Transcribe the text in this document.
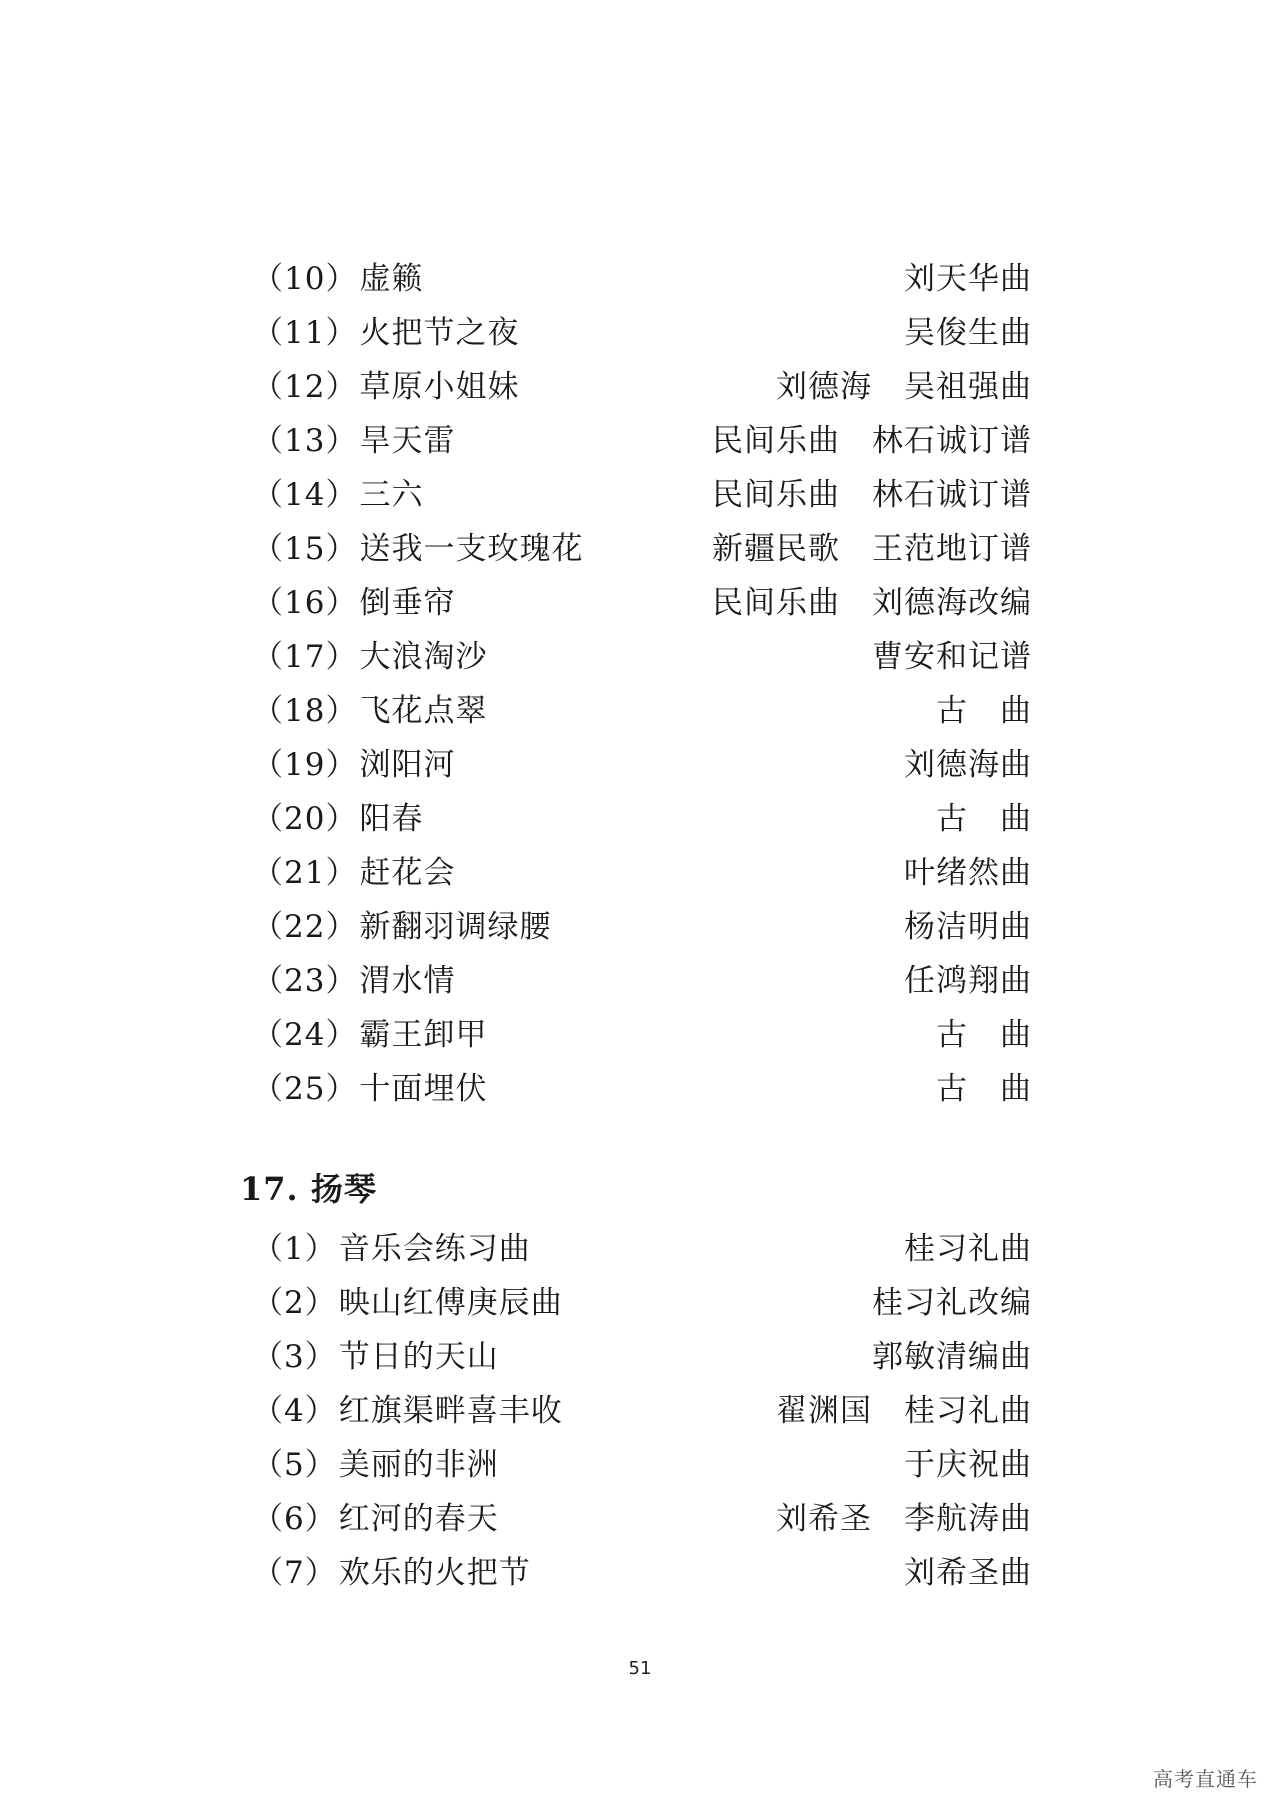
（10）虚籁	刘天华曲
（11）火把节之夜	吴俊生曲
（12）草原小姐妹	刘德海　吴祖强曲
（13）旱天雷	民间乐曲　林石诚订谱
（14）三六	民间乐曲　林石诚订谱
（15）送我一支玫瑰花	新疆民歌　王范地订谱
（16）倒垂帘	民间乐曲　刘德海改编
（17）大浪淘沙	曹安和记谱
（18）飞花点翠	古　曲
（19）浏阳河	刘德海曲
（20）阳春	古　曲
（21）赶花会	叶绪然曲
（22）新翻羽调绿腰	杨洁明曲
（23）渭水情	任鸿翔曲
（24）霸王卸甲	古　曲
（25）十面埋伏	古　曲
17. 扬琴
（1）音乐会练习曲	桂习礼曲
（2）映山红傅庚辰曲	桂习礼改编
（3）节日的天山	郭敏清编曲
（4）红旗渠畔喜丰收	翟渊国　桂习礼曲
（5）美丽的非洲	于庆祝曲
（6）红河的春天	刘希圣　李航涛曲
（7）欢乐的火把节	刘希圣曲
51
高考直通车
